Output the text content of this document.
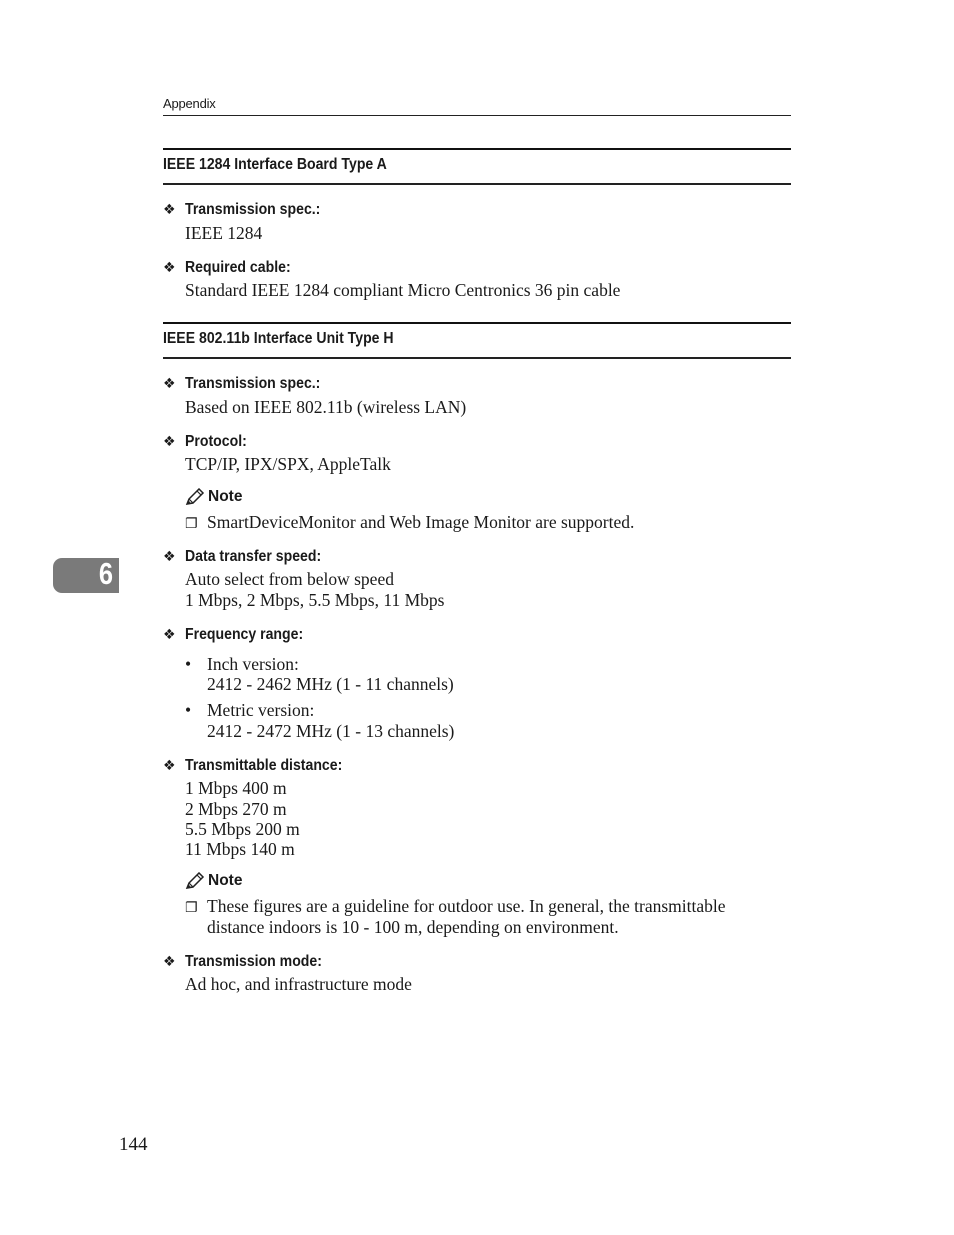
Appendix
IEEE 1284 Interface Board Type A
❖ Transmission spec.:
IEEE 1284
❖ Required cable:
Standard IEEE 1284 compliant Micro Centronics 36 pin cable
IEEE 802.11b Interface Unit Type H
❖ Transmission spec.:
Based on IEEE 802.11b (wireless LAN)
❖ Protocol:
TCP/IP, IPX/SPX, AppleTalk
Note
❐ SmartDeviceMonitor and Web Image Monitor are supported.
❖ Data transfer speed:
Auto select from below speed
1 Mbps, 2 Mbps, 5.5 Mbps, 11 Mbps
❖ Frequency range:
• Inch version:
2412 - 2462 MHz (1 - 11 channels)
• Metric version:
2412 - 2472 MHz (1 - 13 channels)
❖ Transmittable distance:
1 Mbps 400 m
2 Mbps 270 m
5.5 Mbps 200 m
11 Mbps 140 m
Note
❐ These figures are a guideline for outdoor use. In general, the transmittable
distance indoors is 10 - 100 m, depending on environment.
❖ Transmission mode:
Ad hoc, and infrastructure mode
6
144
